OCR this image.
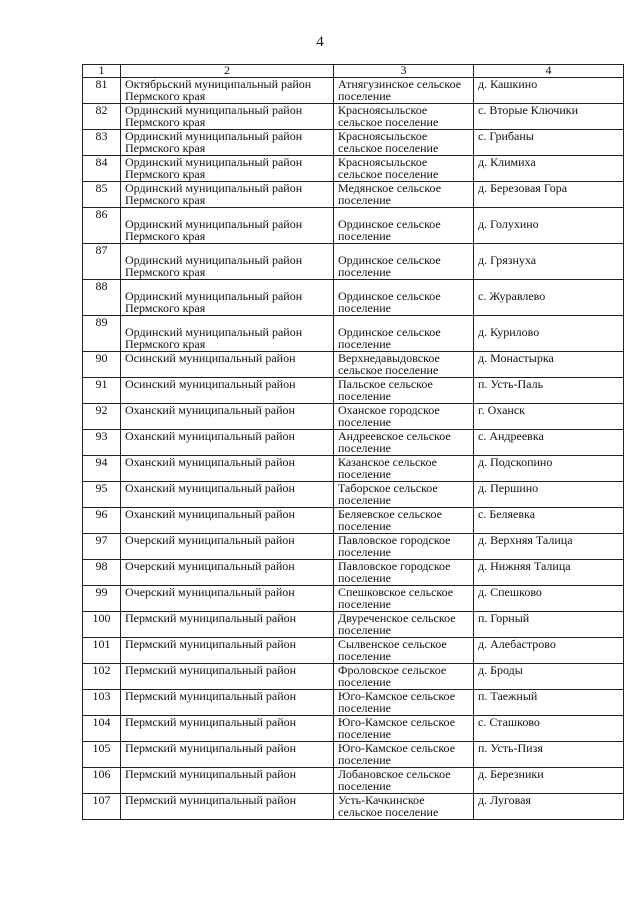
4
1	2	3	4
81	Октябрьский муниципальный район Пермского края	Атнягузинское сельское поселение	д. Кашкино
82	Ординский муниципальный район Пермского края	Красноясыльское сельское поселение	с. Вторые Ключики
83	Ординский муниципальный район Пермского края	Красноясыльское сельское поселение	с. Грибаны
84	Ординский муниципальный район Пермского края	Красноясыльское сельское поселение	д. Климиха
85	Ординский муниципальный район Пермского края	Медянское сельское поселение	д. Березовая Гора
86	Ординский муниципальный район Пермского края	Ординское сельское поселение	д. Голухино
87	Ординский муниципальный район Пермского края	Ординское сельское поселение	д. Грязнуха
88	Ординский муниципальный район Пермского края	Ординское сельское поселение	с. Журавлево
89	Ординский муниципальный район Пермского края	Ординское сельское поселение	д. Курилово
90	Осинский муниципальный район	Верхнедавыдовское сельское поселение	д. Монастырка
91	Осинский муниципальный район	Пальское сельское поселение	п. Усть-Паль
92	Оханский муниципальный район	Оханское городское поселение	г. Оханск
93	Оханский муниципальный район	Андреевское сельское поселение	с. Андреевка
94	Оханский муниципальный район	Казанское сельское поселение	д. Подскопино
95	Оханский муниципальный район	Таборское сельское поселение	д. Першино
96	Оханский муниципальный район	Беляевское сельское поселение	с. Беляевка
97	Очерский муниципальный район	Павловское городское поселение	д. Верхняя Талица
98	Очерский муниципальный район	Павловское городское поселение	д. Нижняя Талица
99	Очерский муниципальный район	Спешковское сельское поселение	д. Спешково
100	Пермский муниципальный район	Двуреченское сельское поселение	п. Горный
101	Пермский муниципальный район	Сылвенское сельское поселение	д. Алебастрово
102	Пермский муниципальный район	Фроловское сельское поселение	д. Броды
103	Пермский муниципальный район	Юго-Камское сельское поселение	п. Таежный
104	Пермский муниципальный район	Юго-Камское сельское поселение	с. Сташково
105	Пермский муниципальный район	Юго-Камское сельское поселение	п. Усть-Пизя
106	Пермский муниципальный район	Лобановское сельское поселение	д. Березники
107	Пермский муниципальный район	Усть-Качкинское сельское поселение	д. Луговая
